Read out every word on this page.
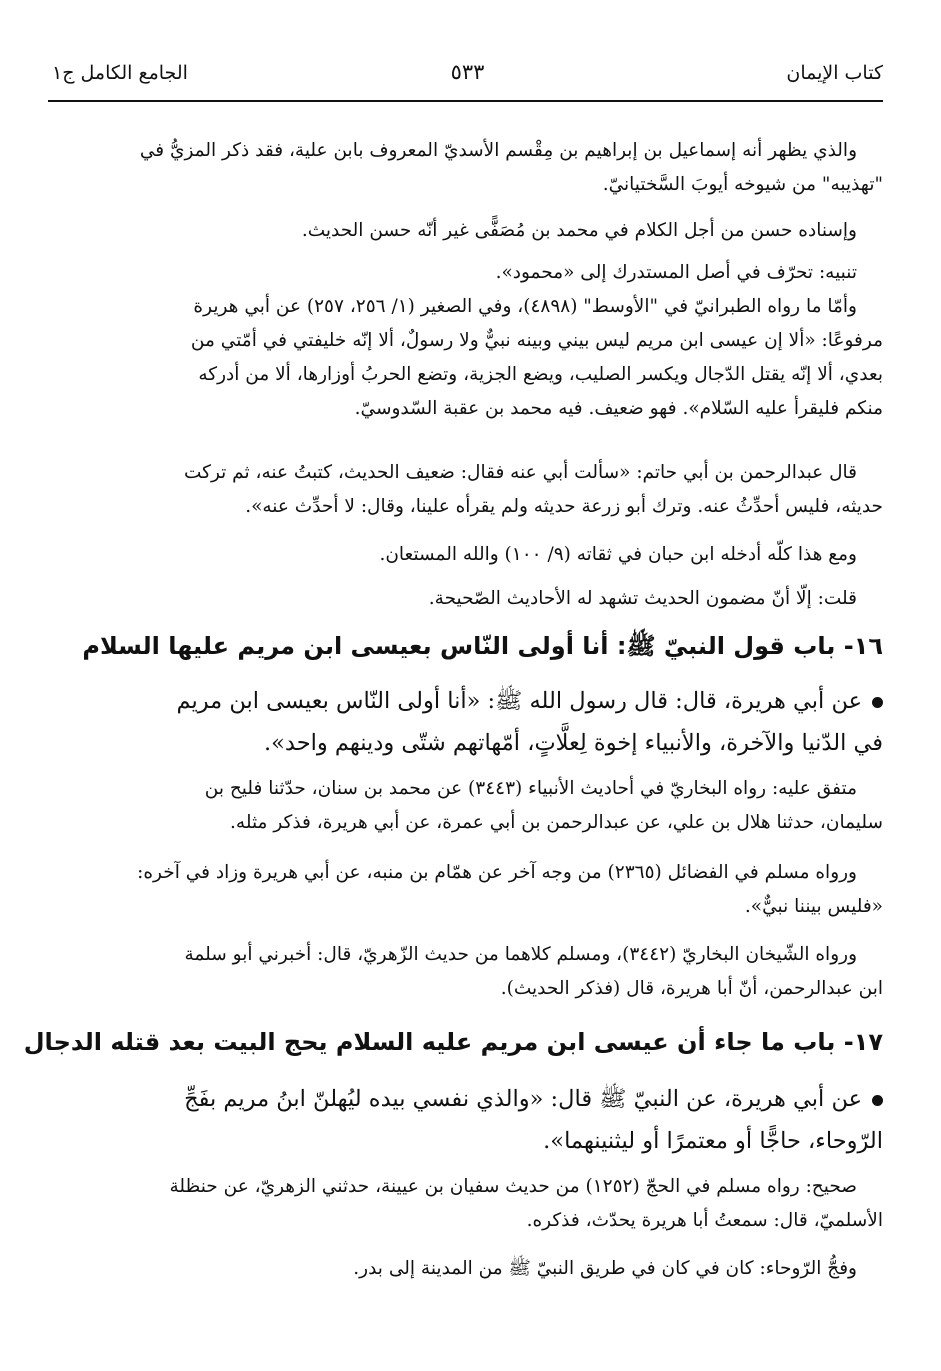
كتاب الإيمان
٥٣٣
الجامع الكامل ج١
والذي يظهر أنه إسماعيل بن إبراهيم بن مِقْسم الأسديّ المعروف بابن علية، فقد ذكر المزيُّ في
"تهذيبه" من شيوخه أيوبَ السَّختيانيّ.
وإسناده حسن من أجل الكلام في محمد بن مُصَفًّى غير أنّه حسن الحديث.
تنبيه: تحرّف في أصل المستدرك إلى «محمود».
وأمّا ما رواه الطبرانيّ في "الأوسط" (٤٨٩٨)، وفي الصغير (١/ ٢٥٦، ٢٥٧) عن أبي هريرة
مرفوعًا: «ألا إن عيسى ابن مريم ليس بيني وبينه نبيٌّ ولا رسولٌ، ألا إنّه خليفتي في أمّتي من
بعدي، ألا إنّه يقتل الدّجال ويكسر الصليب، ويضع الجزية، وتضع الحربُ أوزارها، ألا من أدركه
منكم فليقرأ عليه السّلام». فهو ضعيف. فيه محمد بن عقبة السّدوسيّ.
قال عبدالرحمن بن أبي حاتم: «سألت أبي عنه فقال: ضعيف الحديث، كتبتُ عنه، ثم تركت
حديثه، فليس أحدِّثُ عنه. وترك أبو زرعة حديثه ولم يقرأه علينا، وقال: لا أحدِّث عنه».
ومع هذا كلّه أدخله ابن حبان في ثقاته (٩/ ١٠٠) والله المستعان.
قلت: إلّا أنّ مضمون الحديث تشهد له الأحاديث الصّحيحة.
١٦- باب قول النبيّ ﷺ: أنا أولى النّاس بعيسى ابن مريم عليها السلام
عن أبي هريرة، قال: قال رسول الله ﷺ: «أنا أولى النّاس بعيسى ابن مريم
في الدّنيا والآخرة، والأنبياء إخوة لِعلَّاتٍ، أمّهاتهم شتّى ودينهم واحد».
متفق عليه: رواه البخاريّ في أحاديث الأنبياء (٣٤٤٣) عن محمد بن سنان، حدّثنا فليح بن
سليمان، حدثنا هلال بن علي، عن عبدالرحمن بن أبي عمرة، عن أبي هريرة، فذكر مثله.
ورواه مسلم في الفضائل (٢٣٦٥) من وجه آخر عن همّام بن منبه، عن أبي هريرة وزاد في آخره:
«فليس بيننا نبيٌّ».
ورواه الشّيخان البخاريّ (٣٤٤٢)، ومسلم كلاهما من حديث الزّهريّ، قال: أخبرني أبو سلمة
ابن عبدالرحمن، أنّ أبا هريرة، قال (فذكر الحديث).
١٧- باب ما جاء أن عيسى ابن مريم عليه السلام يحج البيت بعد قتله الدجال
عن أبي هريرة، عن النبيّ ﷺ قال: «والذي نفسي بيده ليُهلنّ ابنُ مريم بفَجِّ
الرّوحاء، حاجًّا أو معتمرًا أو ليثنينهما».
صحيح: رواه مسلم في الحجّ (١٢٥٢) من حديث سفيان بن عيينة، حدثني الزهريّ، عن حنظلة
الأسلميّ، قال: سمعتُ أبا هريرة يحدّث، فذكره.
وفجُّ الرّوحاء: كان في كان في طريق النبيّ ﷺ من المدينة إلى بدر.
